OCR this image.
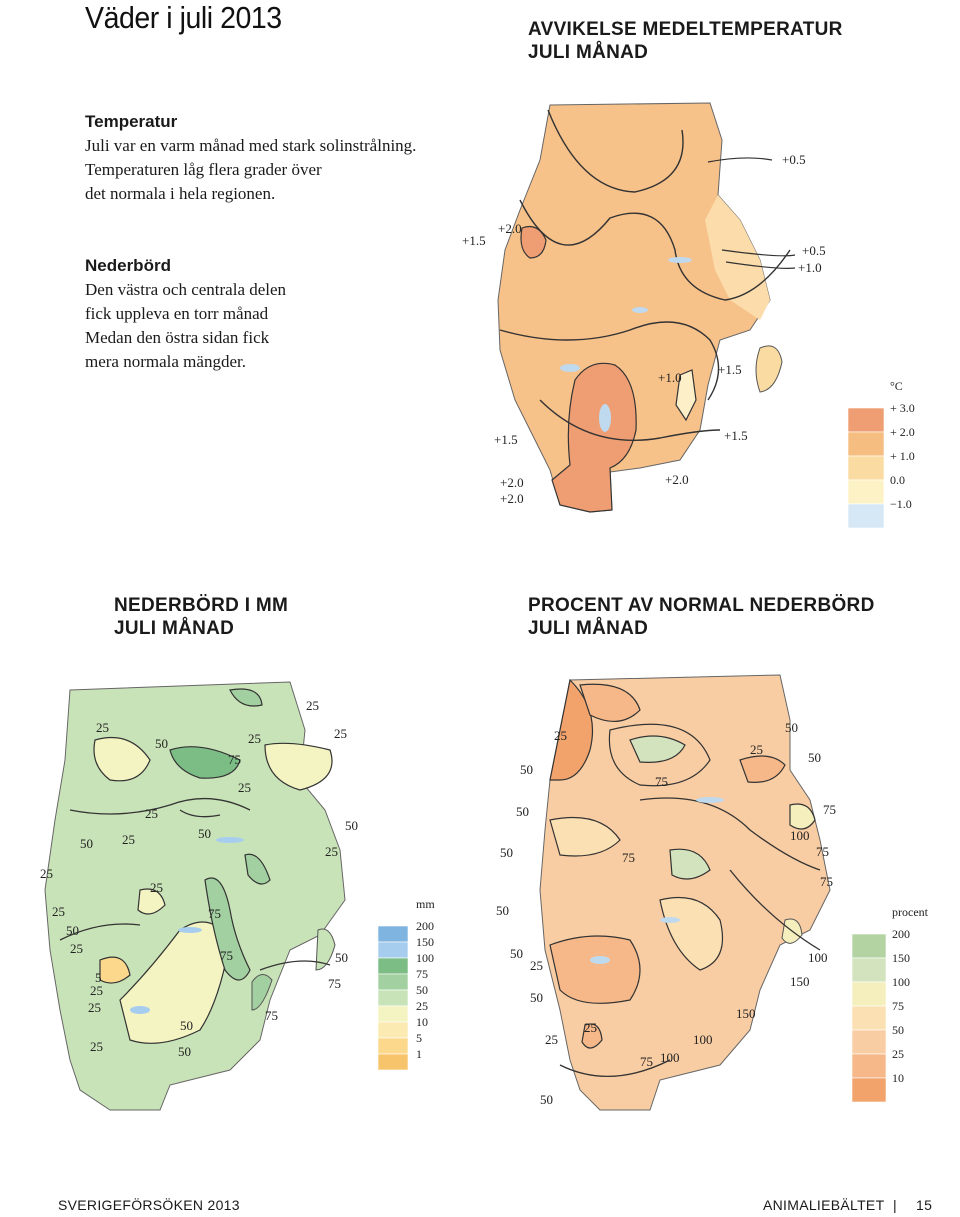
Väder i juli 2013	AVVIKELSE MEDELTEMPERATUR
JULI MÅNAD
Temperatur
Juli var en varm månad med stark solinstrålning.
Temperaturen låg flera grader över
det normala i hela regionen.
Nederbörd
Den västra och centrala delen
fick uppleva en torr månad
Medan den östra sidan fick
mera normala mängder.
+0.5
+2.0
+1.5
+0.5
+1.0
+1.0
+1.5
+1.5	+1.5
+2.0
+2.0
+2.0
°C
+ 3.0
+ 2.0
+ 1.0
0.0
−1.0
NEDERBÖRD I MM
JULI MÅNAD
PROCENT AV NORMAL NEDERBÖRD
JULI MÅNAD
25
25	25
50	25
75
25
25
50
50
25
25
50
25
25
50
25	75
25
50
75
25
5
25
50
75
75
25
50
mm
200
150
100
75
50
25
10
5
1
50
25
50
25
75
50
75
100
75
50	75
50
75
50
25
100
150
50
150
25	100
25
75 100
50
50
procent
200
150
100
75
50
25
10
SVERIGEFÖRSÖKEN 2013	ANIMALIEBÄLTET | 15
